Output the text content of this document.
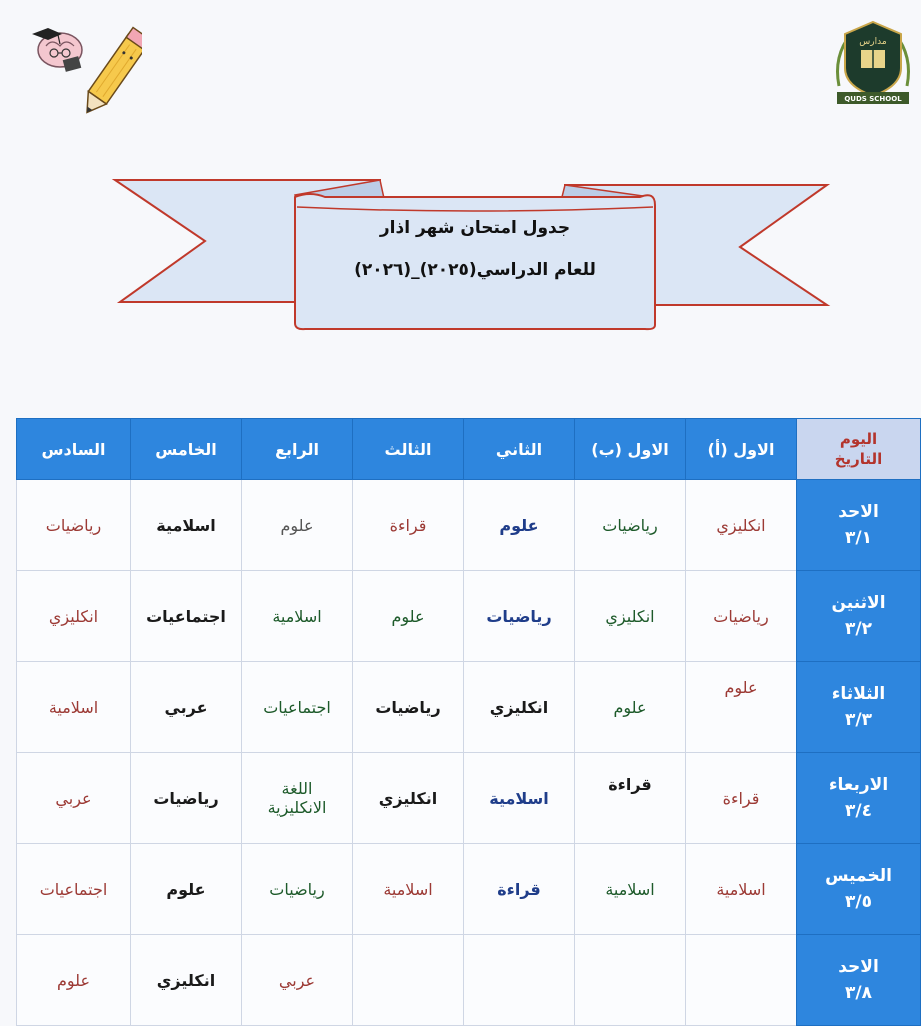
مدارس
QUDS SCHOOL
جدول امتحان شهر اذار
للعام الدراسي(٢٠٢٥)_(٢٠٢٦)
اليوم
التاريخ	الاول (أ)	الاول (ب)	الثاني	الثالث	الرابع	الخامس	السادس

الاحد
٣/١	انكليزي	رياضيات	علوم	قراءة	علوم	اسلامية	رياضيات

الاثنين
٣/٢	رياضيات	انكليزي	رياضيات	علوم	اسلامية	اجتماعيات	انكليزي

الثلاثاء
٣/٣	علوم	علوم	انكليزي	رياضيات	اجتماعيات	عربي	اسلامية

الاربعاء
٣/٤	قراءة	قراءة	اسلامية	انكليزي	اللغة الانكليزية	رياضيات	عربي

الخميس
٣/٥	اسلامية	اسلامية	قراءة	اسلامية	رياضيات	علوم	اجتماعيات

الاحد
٣/٨					عربي	انكليزي	علوم
